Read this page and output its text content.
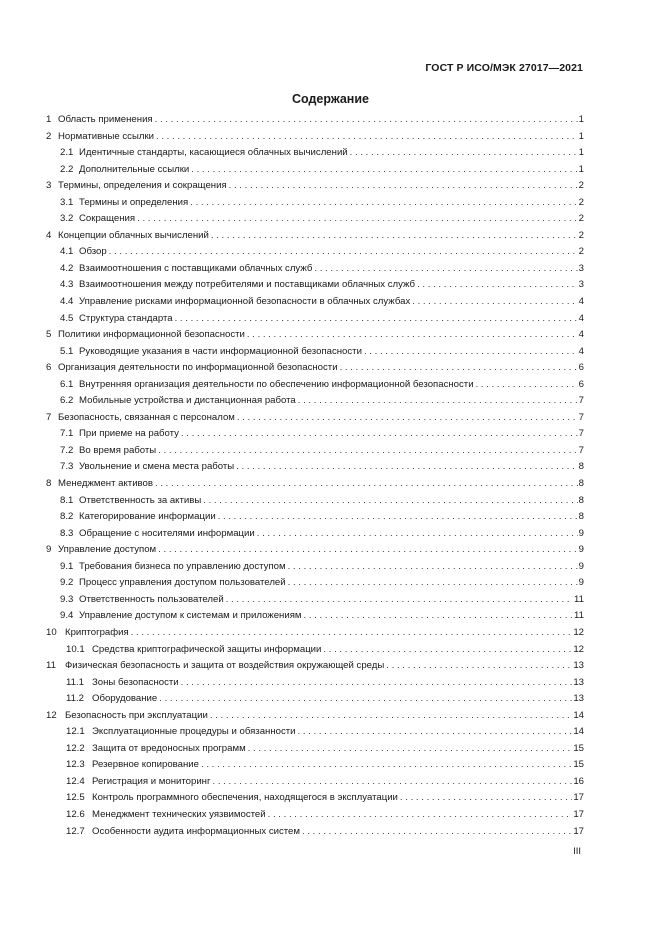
ГОСТ Р ИСО/МЭК 27017—2021
Содержание
1 Область применения . . .	1
2 Нормативные ссылки . . .	1
2.1 Идентичные стандарты, касающиеся облачных вычислений . . .	1
2.2 Дополнительные ссылки . . .	1
3 Термины, определения и сокращения . . .	2
3.1 Термины и определения . . .	2
3.2 Сокращения . . .	2
4 Концепции облачных вычислений . . .	2
4.1 Обзор . . .	2
4.2 Взаимоотношения с поставщиками облачных служб . . .	3
4.3 Взаимоотношения между потребителями и поставщиками облачных служб . . .	3
4.4 Управление рисками информационной безопасности в облачных службах . . .	4
4.5 Структура стандарта . . .	4
5 Политики информационной безопасности . . .	4
5.1 Руководящие указания в части информационной безопасности . . .	4
6 Организация деятельности по информационной безопасности . . .	6
6.1 Внутренняя организация деятельности по обеспечению информационной безопасности . . .	6
6.2 Мобильные устройства и дистанционная работа . . .	7
7 Безопасность, связанная с персоналом . . .	7
7.1 При приеме на работу . . .	7
7.2 Во время работы . . .	7
7.3 Увольнение и смена места работы . . .	8
8 Менеджмент активов . . .	8
8.1 Ответственность за активы . . .	8
8.2 Категорирование информации . . .	8
8.3 Обращение с носителями информации . . .	9
9 Управление доступом . . .	9
9.1 Требования бизнеса по управлению доступом . . .	9
9.2 Процесс управления доступом пользователей . . .	9
9.3 Ответственность пользователей . . .	11
9.4 Управление доступом к системам и приложениям . . .	11
10 Криптография . . .	12
10.1 Средства криптографической защиты информации . . .	12
11 Физическая безопасность и защита от воздействия окружающей среды . . .	13
11.1 Зоны безопасности . . .	13
11.2 Оборудование . . .	13
12 Безопасность при эксплуатации . . .	14
12.1 Эксплуатационные процедуры и обязанности . . .	14
12.2 Защита от вредоносных программ . . .	15
12.3 Резервное копирование . . .	15
12.4 Регистрация и мониторинг . . .	16
12.5 Контроль программного обеспечения, находящегося в эксплуатации . . .	17
12.6 Менеджмент технических уязвимостей . . .	17
12.7 Особенности аудита информационных систем . . .	17
III
